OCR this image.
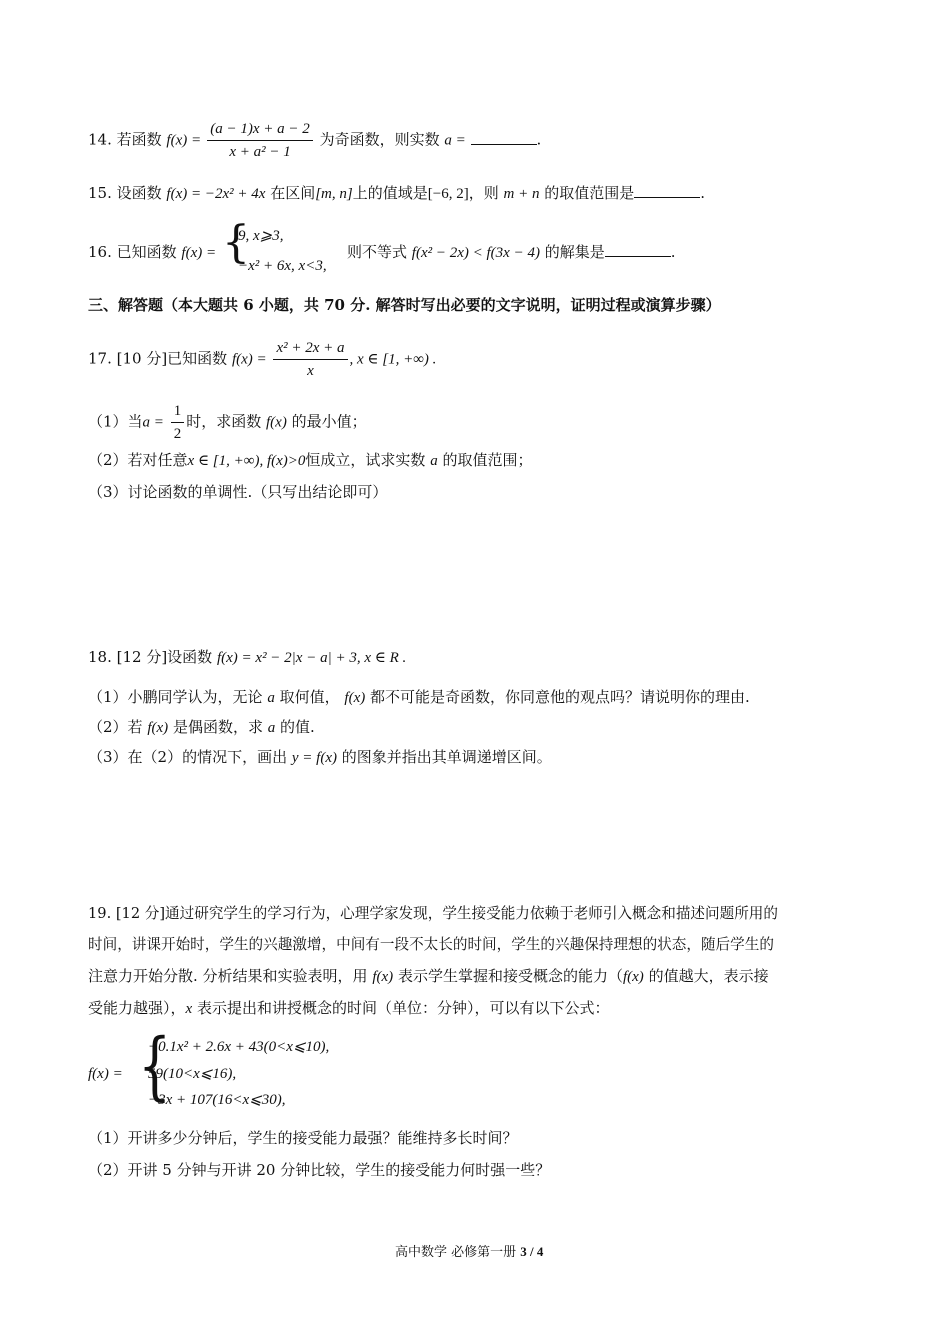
14. 若函数 $f(x) = \frac{(a - 1)x + a - 2}{\text{x + a² − 1}}$ 为奇函数，则实数 a =	.
15. 设函数 f(x) = −2x² + 4x 在区间[m, n]上的值域是[−6, 2]，则 m + n 的取值范围是	.
16. 已知函数 f(x) = {
9, x⩾3,
−x² + 6x, x<3,
则不等式 f(x² − 2x) < f(3x − 4) 的解集是	.
三、解答题（本大题共 6 小题，共 70 分. 解答时写出必要的文字说明，证明过程或演算步骤）
17. [10 分]已知函数 $f(x) = \frac{\text{x² + 2x + a}}{x}$ , x ∈ [1, +∞) .
（1）当$a = \frac{1}{2}$ 时，求函数 f(x) 的最小值；
（2）若对任意x ∈ [1, +∞), f(x)>0恒成立，试求实数 a 的取值范围；
（3）讨论函数的单调性.（只写出结论即可）
18. [12 分]设函数 f(x) = x² − 2|x − a| + 3, x ∈ R .
（1）小鹏同学认为，无论 a 取何值， f(x) 都不可能是奇函数，你同意他的观点吗？请说明你的理由.
（2）若 f(x) 是偶函数，求 a 的值.
（3）在（2）的情况下，画出 y = f(x) 的图象并指出其单调递增区间。
19. [12 分]通过研究学生的学习行为，心理学家发现，学生接受能力依赖于老师引入概念和描述问题所用的
时间，讲课开始时，学生的兴趣激增，中间有一段不太长的时间，学生的兴趣保持理想的状态，随后学生的
注意力开始分散. 分析结果和实验表明，用 f(x) 表示学生掌握和接受概念的能力（f(x) 的值越大，表示接
受能力越强），x 表示提出和讲授概念的时间（单位：分钟），可以有以下公式：
f(x) = {
−0.1x² + 2.6x + 43(0<x⩽10),
59(10<x⩽16),
−3x + 107(16<x⩽30),
（1）开讲多少分钟后，学生的接受能力最强？能维持多长时间？
（2）开讲 5 分钟与开讲 20 分钟比较，学生的接受能力何时强一些？
高中数学 必修第一册 3 / 4
